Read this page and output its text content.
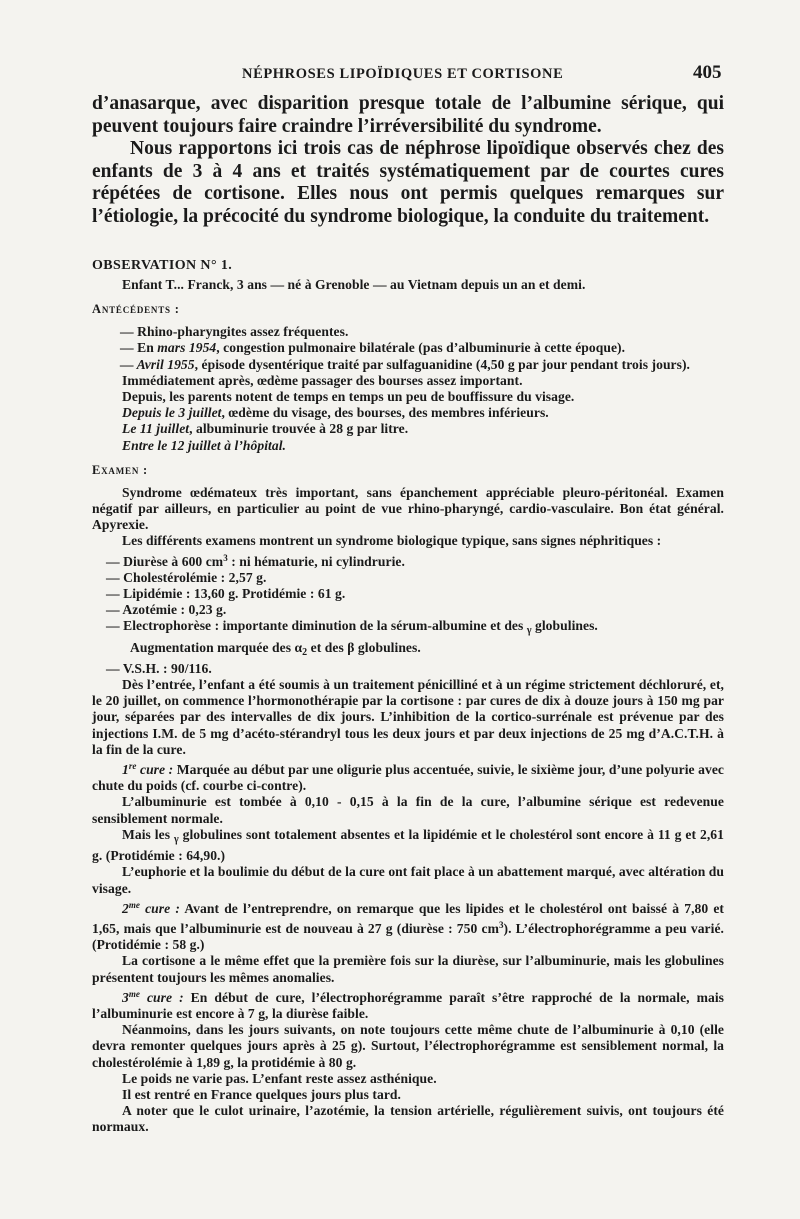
NÉPHROSES LIPOÏDIQUES ET CORTISONE	405

d’anasarque, avec disparition presque totale de l’albumine sérique, qui peuvent toujours faire craindre l’irréversibilité du syndrome.

Nous rapportons ici trois cas de néphrose lipoïdique observés chez des enfants de 3 à 4 ans et traités systématiquement par de courtes cures répétées de cortisone. Elles nous ont permis quelques remarques sur l’étiologie, la précocité du syndrome biologique, la conduite du traitement.

OBSERVATION N° 1.

Enfant T... Franck, 3 ans — né à Grenoble — au Vietnam depuis un an et demi.

Antécédents :

— Rhino-pharyngites assez fréquentes.

— En mars 1954, congestion pulmonaire bilatérale (pas d’albuminurie à cette époque).

— Avril 1955, épisode dysentérique traité par sulfaguanidine (4,50 g par jour pendant trois jours).

Immédiatement après, œdème passager des bourses assez important.

Depuis, les parents notent de temps en temps un peu de bouffissure du visage.

Depuis le 3 juillet, œdème du visage, des bourses, des membres inférieurs.

Le 11 juillet, albuminurie trouvée à 28 g par litre.

Entre le 12 juillet à l’hôpital.

Examen :

Syndrome œdémateux très important, sans épanchement appréciable pleuro-péritonéal. Examen négatif par ailleurs, en particulier au point de vue rhino-pharyngé, cardio-vasculaire. Bon état général. Apyrexie.

Les différents examens montrent un syndrome biologique typique, sans signes néphritiques :

— Diurèse à 600 $cm^3$ : ni hématurie, ni cylindrurie.

— Cholestérolémie : 2,57 g.

— Lipidémie : 13,60 g. Protidémie : 61 g.

— Azotémie : 0,23 g.

— Electrophorèse : importante diminution de la sérum-albumine et des $_\gamma$ globulines.

Augmentation marquée des $\alpha_2$ et des β globulines.

— V.S.H. : 90/116.

Dès l’entrée, l’enfant a été soumis à un traitement pénicilliné et à un régime strictement déchloruré, et, le 20 juillet, on commence l’hormonothérapie par la cortisone : par cures de dix à douze jours à 150 mg par jour, séparées par des intervalles de dix jours. L’inhibition de la cortico-surrénale est prévenue par des injections I.M. de 5 mg d’acéto-stérandryl tous les deux jours et par deux injections de 25 mg d’A.C.T.H. à la fin de la cure.

1re cure : Marquée au début par une oligurie plus accentuée, suivie, le sixième jour, d’une polyurie avec chute du poids (cf. courbe ci-contre).

L’albuminurie est tombée à 0,10 - 0,15 à la fin de la cure, l’albumine sérique est redevenue sensiblement normale.

Mais les $_\gamma$ globulines sont totalement absentes et la lipidémie et le cholestérol sont encore à 11 g et 2,61 g. (Protidémie : 64,90.)

L’euphorie et la boulimie du début de la cure ont fait place à un abattement marqué, avec altération du visage.

$2^{me}$ cure : Avant de l’entreprendre, on remarque que les lipides et le cholestérol ont baissé à 7,80 et 1,65, mais que l’albuminurie est de nouveau à 27 g (diurèse : 750 $cm^3$). L’électrophorégramme a peu varié. (Protidémie : 58 g.)

La cortisone a le même effet que la première fois sur la diurèse, sur l’albuminurie, mais les globulines présentent toujours les mêmes anomalies.

$3^{me}$ cure : En début de cure, l’électrophorégramme paraît s’être rapproché de la normale, mais l’albuminurie est encore à 7 g, la diurèse faible.

Néanmoins, dans les jours suivants, on note toujours cette même chute de l’albuminurie à 0,10 (elle devra remonter quelques jours après à 25 g). Surtout, l’électrophorégramme est sensiblement normal, la cholestérolémie à 1,89 g, la protidémie à 80 g.

Le poids ne varie pas. L’enfant reste assez asthénique.

Il est rentré en France quelques jours plus tard.

A noter que le culot urinaire, l’azotémie, la tension artérielle, régulièrement suivis, ont toujours été normaux.
